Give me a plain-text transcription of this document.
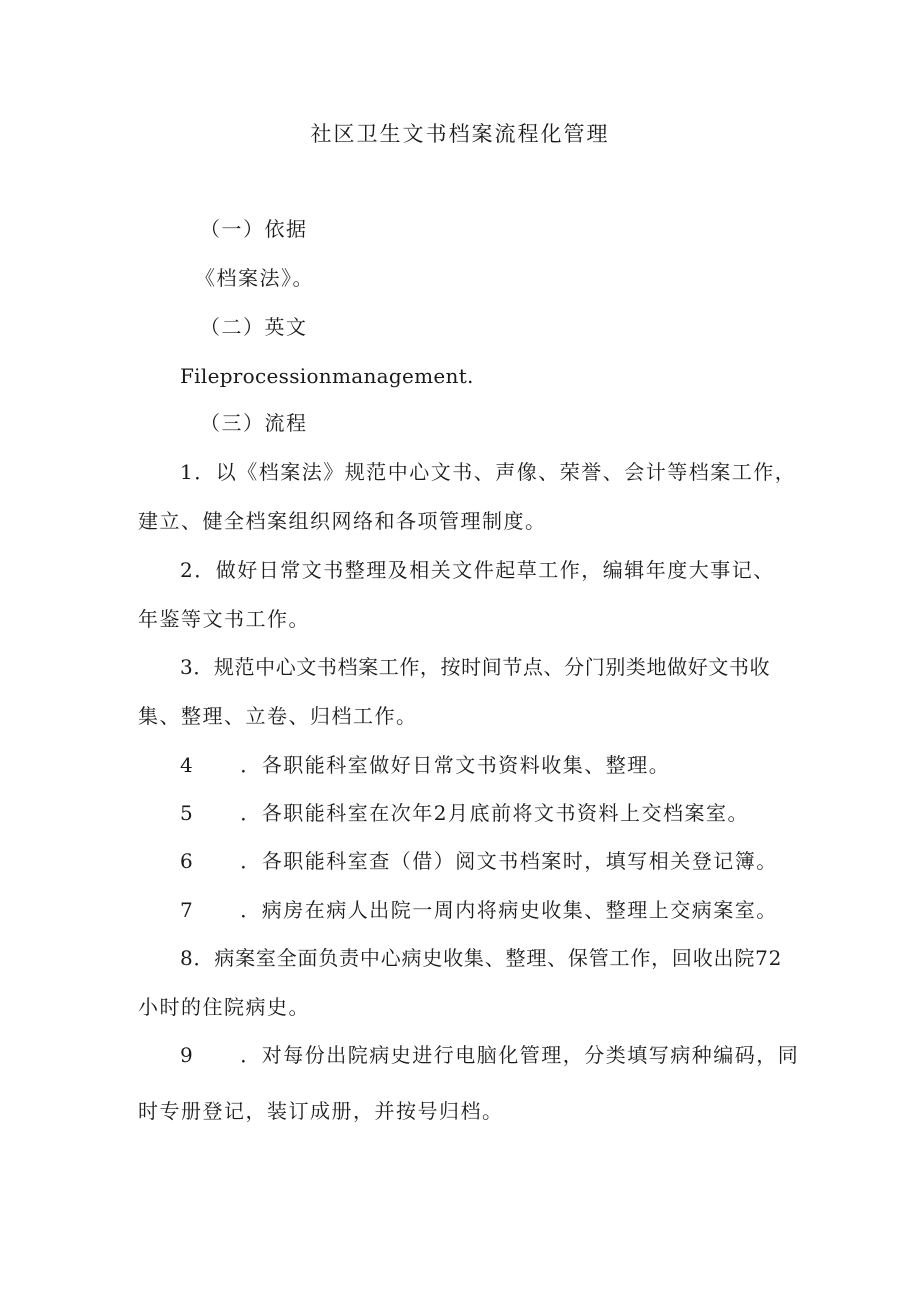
社区卫生文书档案流程化管理
（一）依据
《档案法》。
（二）英文
Fileprocessionmanagement.
（三）流程
1．以《档案法》规范中心文书、声像、荣誉、会计等档案工作，
建立、健全档案组织网络和各项管理制度。
2．做好日常文书整理及相关文件起草工作，编辑年度大事记、
年鉴等文书工作。
3．规范中心文书档案工作，按时间节点、分门别类地做好文书收
集、整理、立卷、归档工作。
4 ．各职能科室做好日常文书资料收集、整理。
5 ．各职能科室在次年2月底前将文书资料上交档案室。
6 ．各职能科室查（借）阅文书档案时，填写相关登记簿。
7 ．病房在病人出院一周内将病史收集、整理上交病案室。
8．病案室全面负责中心病史收集、整理、保管工作，回收出院72
小时的住院病史。
9 ．对每份出院病史进行电脑化管理，分类填写病种编码，同
时专册登记，装订成册，并按号归档。
